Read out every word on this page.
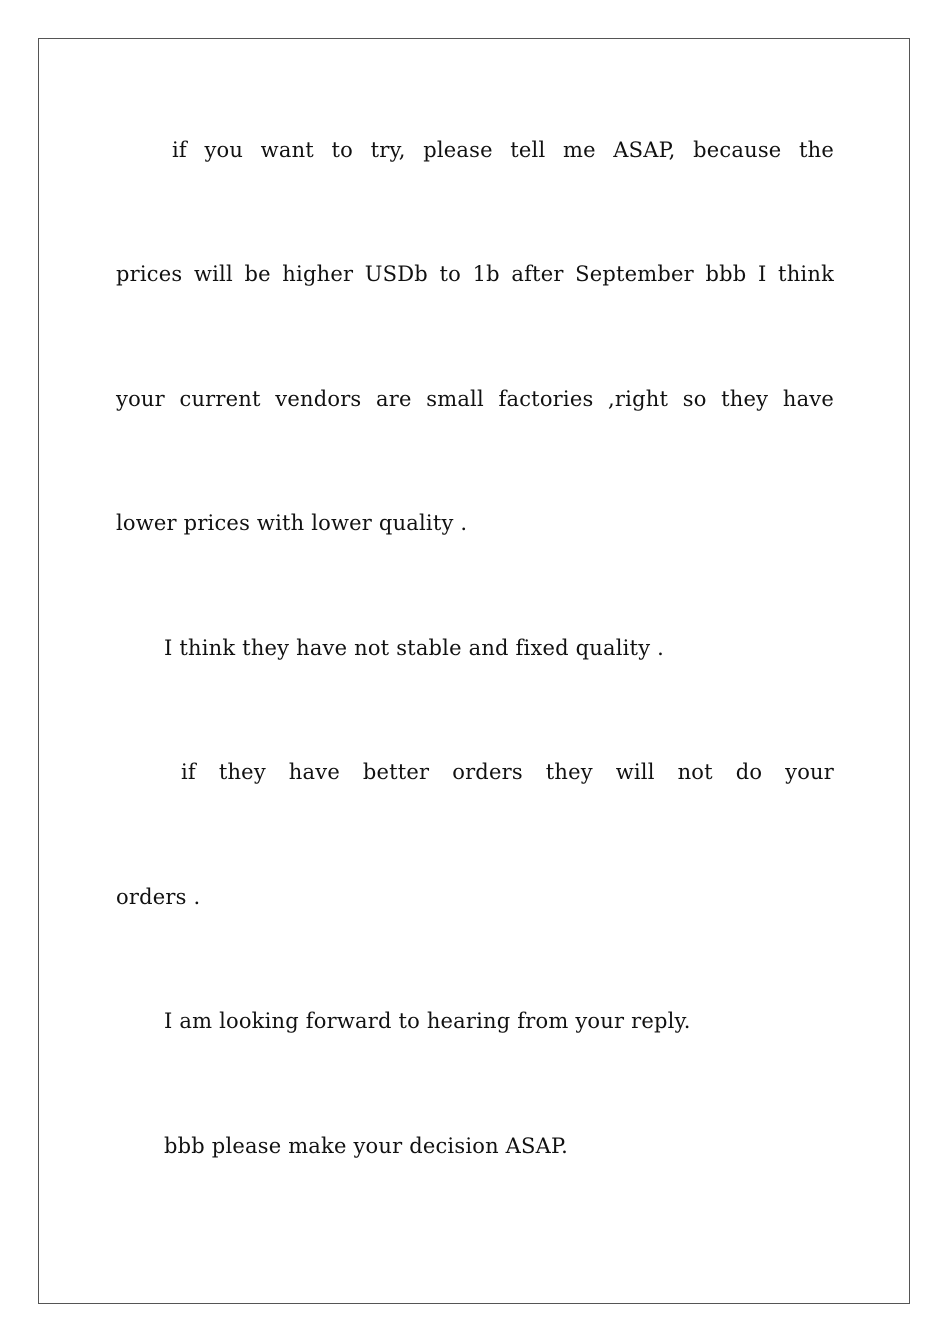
if you want to try, please tell me ASAP, because the
prices will be higher USDb to 1b after September bbb I think
your current vendors are small factories ,right so they have
lower prices with lower quality .
I think they have not stable and fixed quality .
if they have better orders they will not do your
orders .
I am looking forward to hearing from your reply.
bbb please make your decision ASAP.
